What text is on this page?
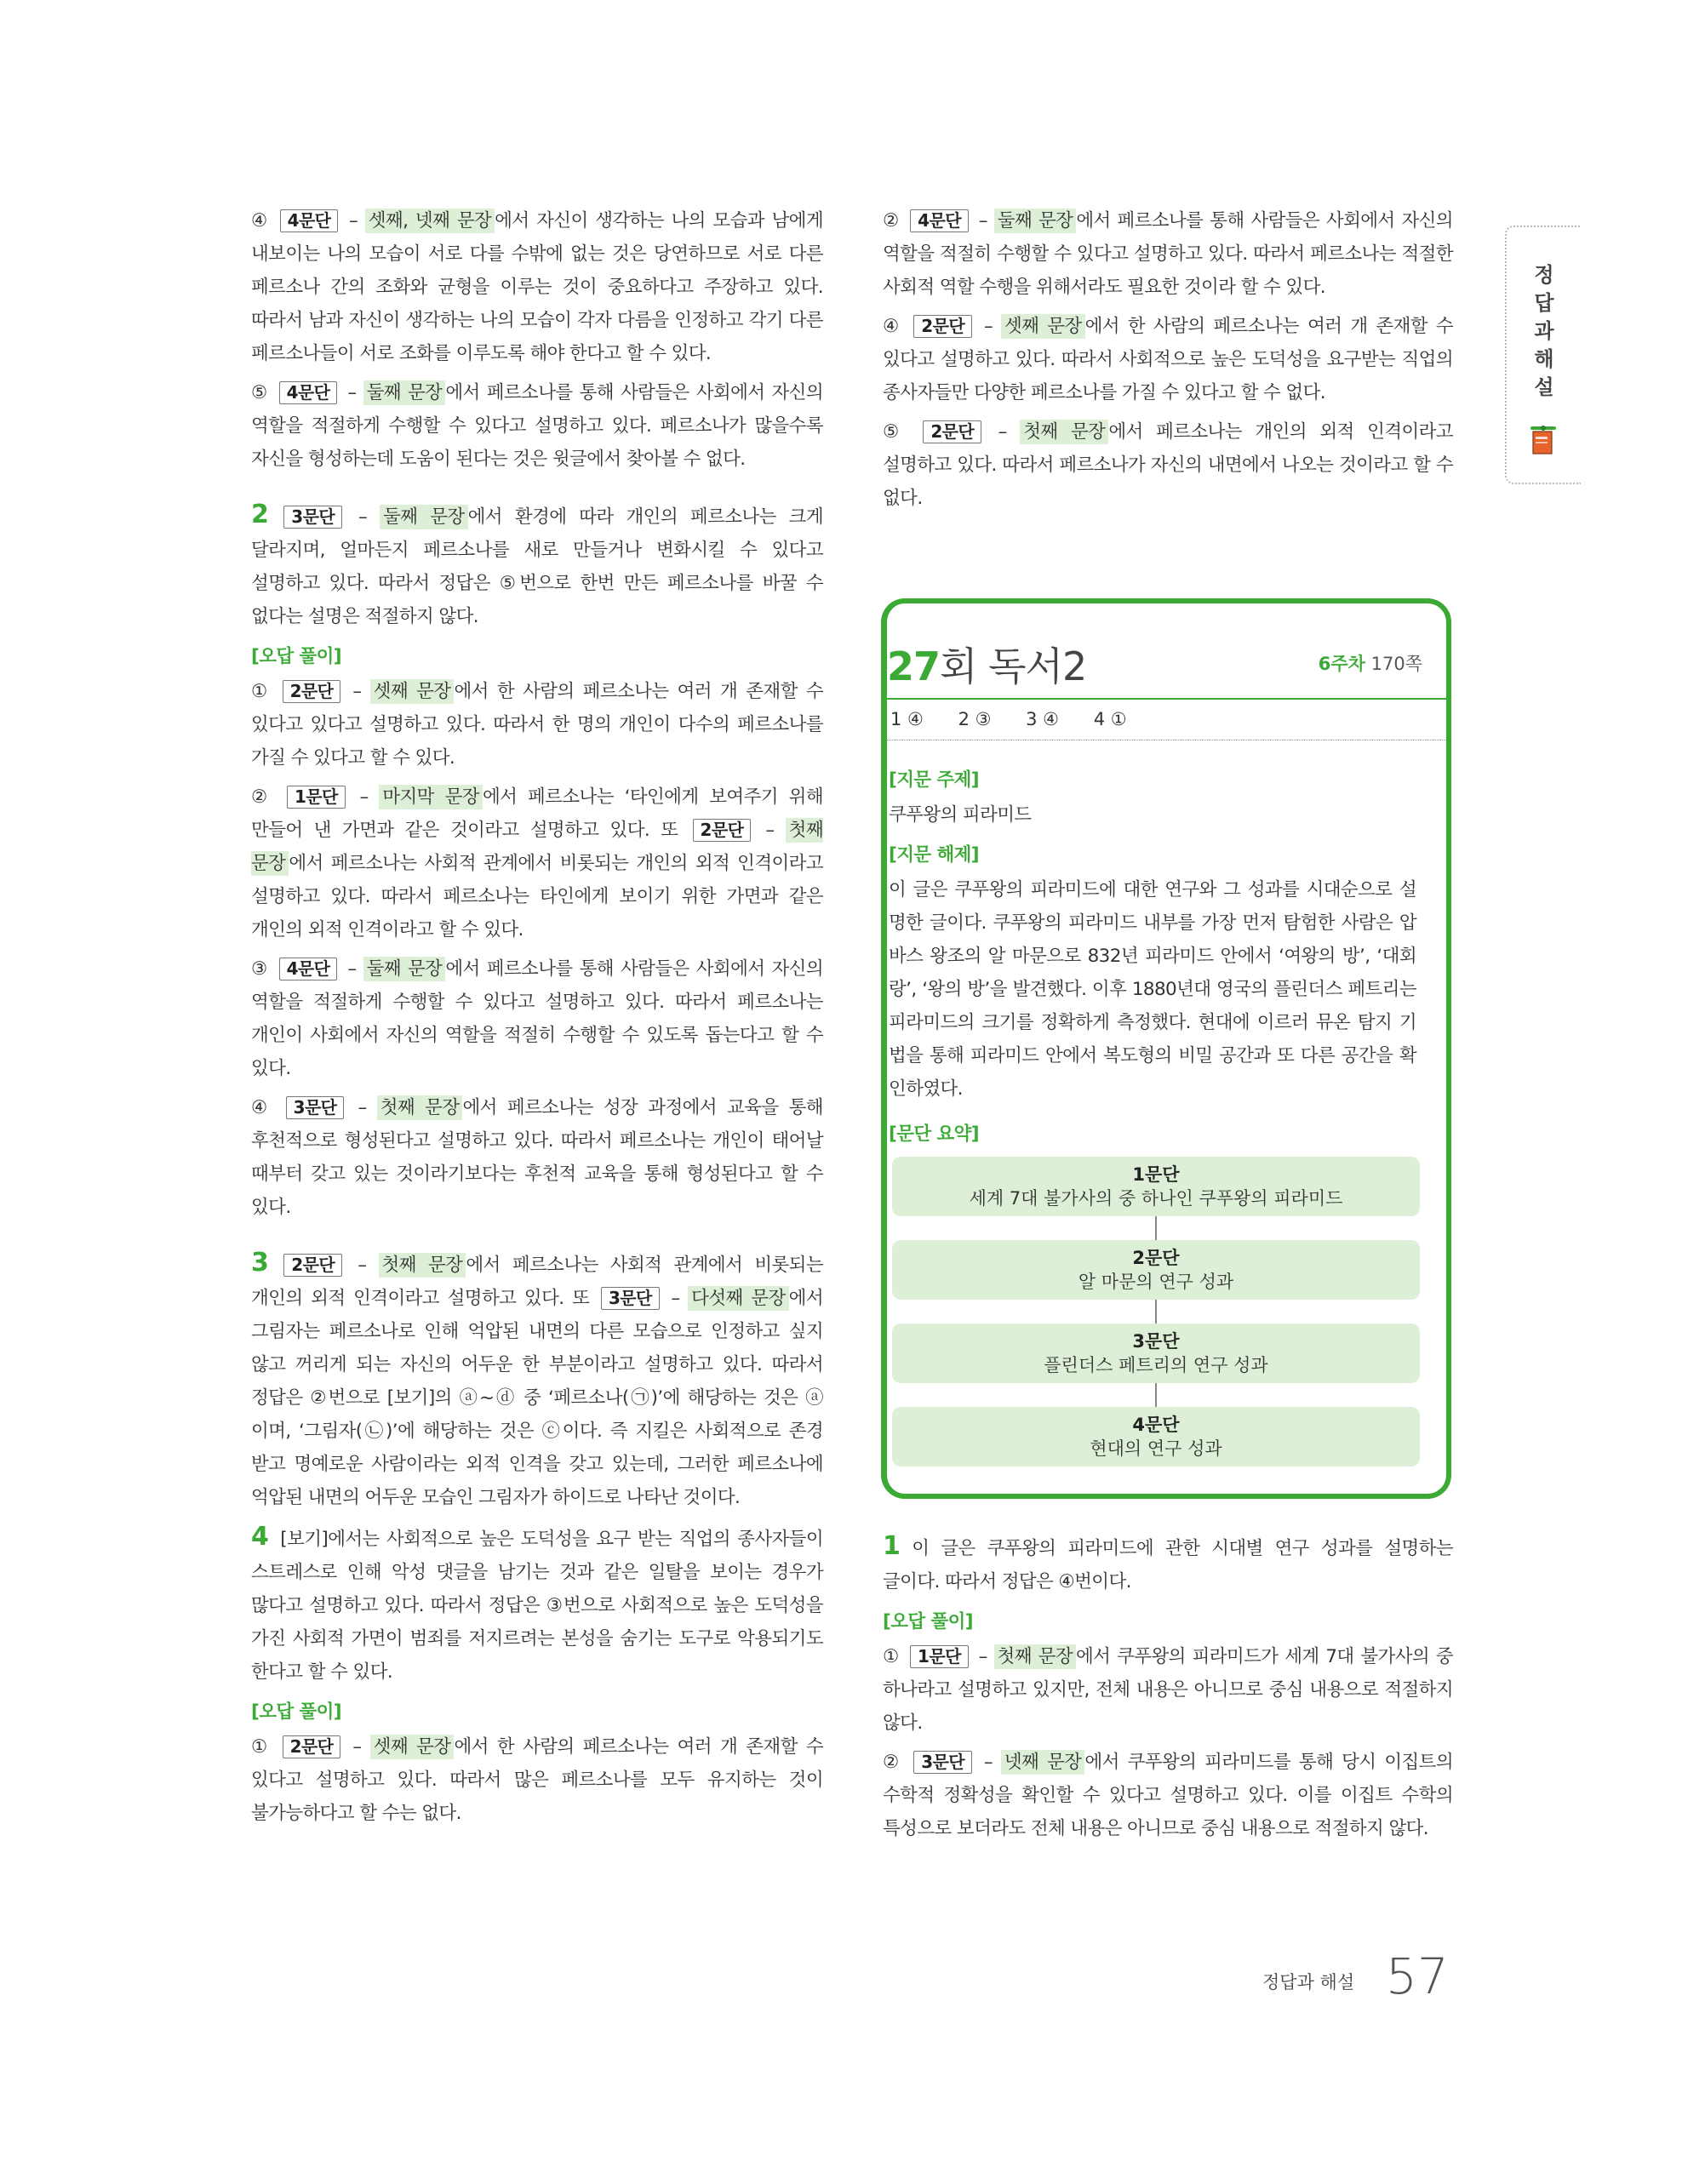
④ 4문단 – 셋째, 넷째 문장 에서 자신이 생각하는 나의 모습과 남에게 내보이는 나의 모습이 서로 다를 수밖에 없는 것은 당연하므로 서로 다른 페르소나 간의 조화와 균형을 이루는 것이 중요하다고 주장하고 있다. 따라서 남과 자신이 생각하는 나의 모습이 각자 다름을 인정하고 각기 다른 페르소나들이 서로 조화를 이루도록 해야 한다고 할 수 있다.

⑤ 4문단 – 둘째 문장 에서 페르소나를 통해 사람들은 사회에서 자신의 역할을 적절하게 수행할 수 있다고 설명하고 있다. 페르소나가 많을수록 자신을 형성하는데 도움이 된다는 것은 윗글에서 찾아볼 수 없다.

2 3문단 – 둘째 문장 에서 환경에 따라 개인의 페르소나는 크게 달라지며, 얼마든지 페르소나를 새로 만들거나 변화시킬 수 있다고 설명하고 있다. 따라서 정답은 ⑤번으로 한번 만든 페르소나를 바꿀 수 없다는 설명은 적절하지 않다.

[오답 풀이]

① 2문단 – 셋째 문장 에서 한 사람의 페르소나는 여러 개 존재할 수 있다고 있다고 설명하고 있다. 따라서 한 명의 개인이 다수의 페르소나를 가질 수 있다고 할 수 있다.

② 1문단 – 마지막 문장 에서 페르소나는 ‘타인에게 보여주기 위해 만들어 낸 가면과 같은 것이라고 설명하고 있다. 또 2문단 – 첫째 문장 에서 페르소나는 사회적 관계에서 비롯되는 개인의 외적 인격이라고 설명하고 있다. 따라서 페르소나는 타인에게 보이기 위한 가면과 같은 개인의 외적 인격이라고 할 수 있다.

③ 4문단 – 둘째 문장 에서 페르소나를 통해 사람들은 사회에서 자신의 역할을 적절하게 수행할 수 있다고 설명하고 있다. 따라서 페르소나는 개인이 사회에서 자신의 역할을 적절히 수행할 수 있도록 돕는다고 할 수 있다.

④ 3문단 – 첫째 문장 에서 페르소나는 성장 과정에서 교육을 통해 후천적으로 형성된다고 설명하고 있다. 따라서 페르소나는 개인이 태어날 때부터 갖고 있는 것이라기보다는 후천적 교육을 통해 형성된다고 할 수 있다.

3 2문단 – 첫째 문장 에서 페르소나는 사회적 관계에서 비롯되는 개인의 외적 인격이라고 설명하고 있다. 또 3문단 – 다섯째 문장 에서 그림자는 페르소나로 인해 억압된 내면의 다른 모습으로 인정하고 싶지 않고 꺼리게 되는 자신의 어두운 한 부분이라고 설명하고 있다. 따라서 정답은 ②번으로 [보기]의 ⓐ~ⓓ 중 ‘페르소나(㉠)’에 해당하는 것은 ⓐ이며, ‘그림자(㉡)’에 해당하는 것은 ⓒ이다. 즉 지킬은 사회적으로 존경 받고 명예로운 사람이라는 외적 인격을 갖고 있는데, 그러한 페르소나에 억압된 내면의 어두운 모습인 그림자가 하이드로 나타난 것이다.

4 [보기]에서는 사회적으로 높은 도덕성을 요구 받는 직업의 종사자들이 스트레스로 인해 악성 댓글을 남기는 것과 같은 일탈을 보이는 경우가 많다고 설명하고 있다. 따라서 정답은 ③번으로 사회적으로 높은 도덕성을 가진 사회적 가면이 범죄를 저지르려는 본성을 숨기는 도구로 악용되기도 한다고 할 수 있다.

[오답 풀이]

① 2문단 – 셋째 문장 에서 한 사람의 페르소나는 여러 개 존재할 수 있다고 설명하고 있다. 따라서 많은 페르소나를 모두 유지하는 것이 불가능하다고 할 수는 없다.

② 4문단 – 둘째 문장 에서 페르소나를 통해 사람들은 사회에서 자신의 역할을 적절히 수행할 수 있다고 설명하고 있다. 따라서 페르소나는 적절한 사회적 역할 수행을 위해서라도 필요한 것이라 할 수 있다.

④ 2문단 – 셋째 문장 에서 한 사람의 페르소나는 여러 개 존재할 수 있다고 설명하고 있다. 따라서 사회적으로 높은 도덕성을 요구받는 직업의 종사자들만 다양한 페르소나를 가질 수 있다고 할 수 없다.

⑤ 2문단 – 첫째 문장 에서 페르소나는 개인의 외적 인격이라고 설명하고 있다. 따라서 페르소나가 자신의 내면에서 나오는 것이라고 할 수 없다.

정
답
과
해
설
27회 독서2	6주차 170쪽
1 ④ 2 ③ 3 ④ 4 ①
[지문 주제]

쿠푸왕의 피라미드

[지문 해제]

이 글은 쿠푸왕의 피라미드에 대한 연구와 그 성과를 시대순으로 설명한 글이다. 쿠푸왕의 피라미드 내부를 가장 먼저 탐험한 사람은 압바스 왕조의 알 마문으로 832년 피라미드 안에서 ‘여왕의 방’, ‘대회랑’, ‘왕의 방’을 발견했다. 이후 1880년대 영국의 플린더스 페트리는 피라미드의 크기를 정확하게 측정했다. 현대에 이르러 뮤온 탐지 기법을 통해 피라미드 안에서 복도형의 비밀 공간과 또 다른 공간을 확인하였다.

[문단 요약]
1문단
세계 7대 불가사의 중 하나인 쿠푸왕의 피라미드
2문단
알 마문의 연구 성과
3문단
플린더스 페트리의 연구 성과
4문단
현대의 연구 성과

1 이 글은 쿠푸왕의 피라미드에 관한 시대별 연구 성과를 설명하는 글이다. 따라서 정답은 ④번이다.

[오답 풀이]

① 1문단 – 첫째 문장 에서 쿠푸왕의 피라미드가 세계 7대 불가사의 중 하나라고 설명하고 있지만, 전체 내용은 아니므로 중심 내용으로 적절하지 않다.

② 3문단 – 넷째 문장 에서 쿠푸왕의 피라미드를 통해 당시 이집트의 수학적 정확성을 확인할 수 있다고 설명하고 있다. 이를 이집트 수학의 특성으로 보더라도 전체 내용은 아니므로 중심 내용으로 적절하지 않다.

정답과 해설 57
